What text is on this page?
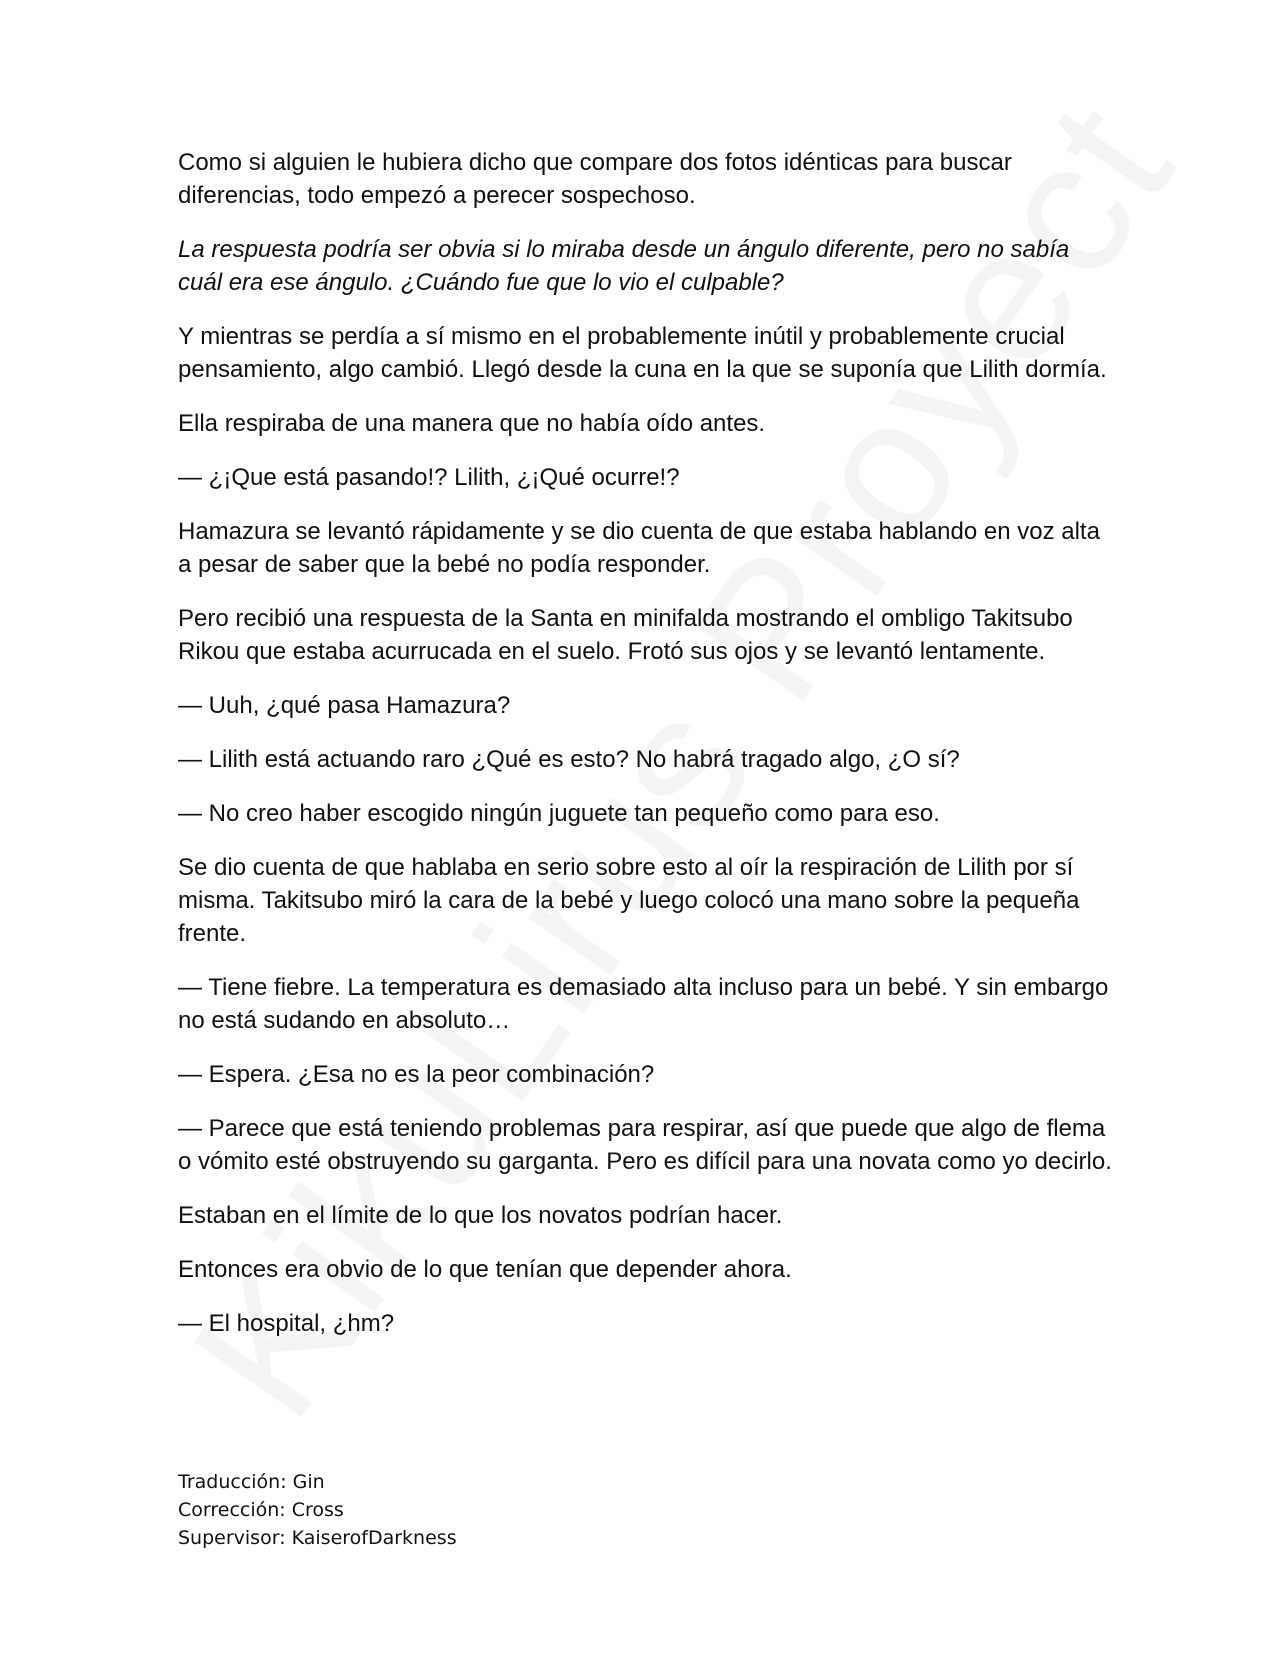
Como si alguien le hubiera dicho que compare dos fotos idénticas para buscar diferencias, todo empezó a perecer sospechoso.

La respuesta podría ser obvia si lo miraba desde un ángulo diferente, pero no sabía cuál era ese ángulo. ¿Cuándo fue que lo vio el culpable?

Y mientras se perdía a sí mismo en el probablemente inútil y probablemente crucial pensamiento, algo cambió. Llegó desde la cuna en la que se suponía que Lilith dormía.

Ella respiraba de una manera que no había oído antes.

— ¿¡Que está pasando!? Lilith, ¿¡Qué ocurre!?

Hamazura se levantó rápidamente y se dio cuenta de que estaba hablando en voz alta a pesar de saber que la bebé no podía responder.

Pero recibió una respuesta de la Santa en minifalda mostrando el ombligo Takitsubo Rikou que estaba acurrucada en el suelo. Frotó sus ojos y se levantó lentamente.

— Uuh, ¿qué pasa Hamazura?

— Lilith está actuando raro ¿Qué es esto? No habrá tragado algo, ¿O sí?

— No creo haber escogido ningún juguete tan pequeño como para eso.

Se dio cuenta de que hablaba en serio sobre esto al oír la respiración de Lilith por sí misma. Takitsubo miró la cara de la bebé y luego colocó una mano sobre la pequeña frente.

— Tiene fiebre. La temperatura es demasiado alta incluso para un bebé. Y sin embargo no está sudando en absoluto…

— Espera. ¿Esa no es la peor combinación?

— Parece que está teniendo problemas para respirar, así que puede que algo de flema o vómito esté obstruyendo su garganta. Pero es difícil para una novata como yo decirlo.

Estaban en el límite de lo que los novatos podrían hacer.

Entonces era obvio de lo que tenían que depender ahora.

— El hospital, ¿hm?

Traducción: Gin
Corrección: Cross
Supervisor: KaiserofDarkness
